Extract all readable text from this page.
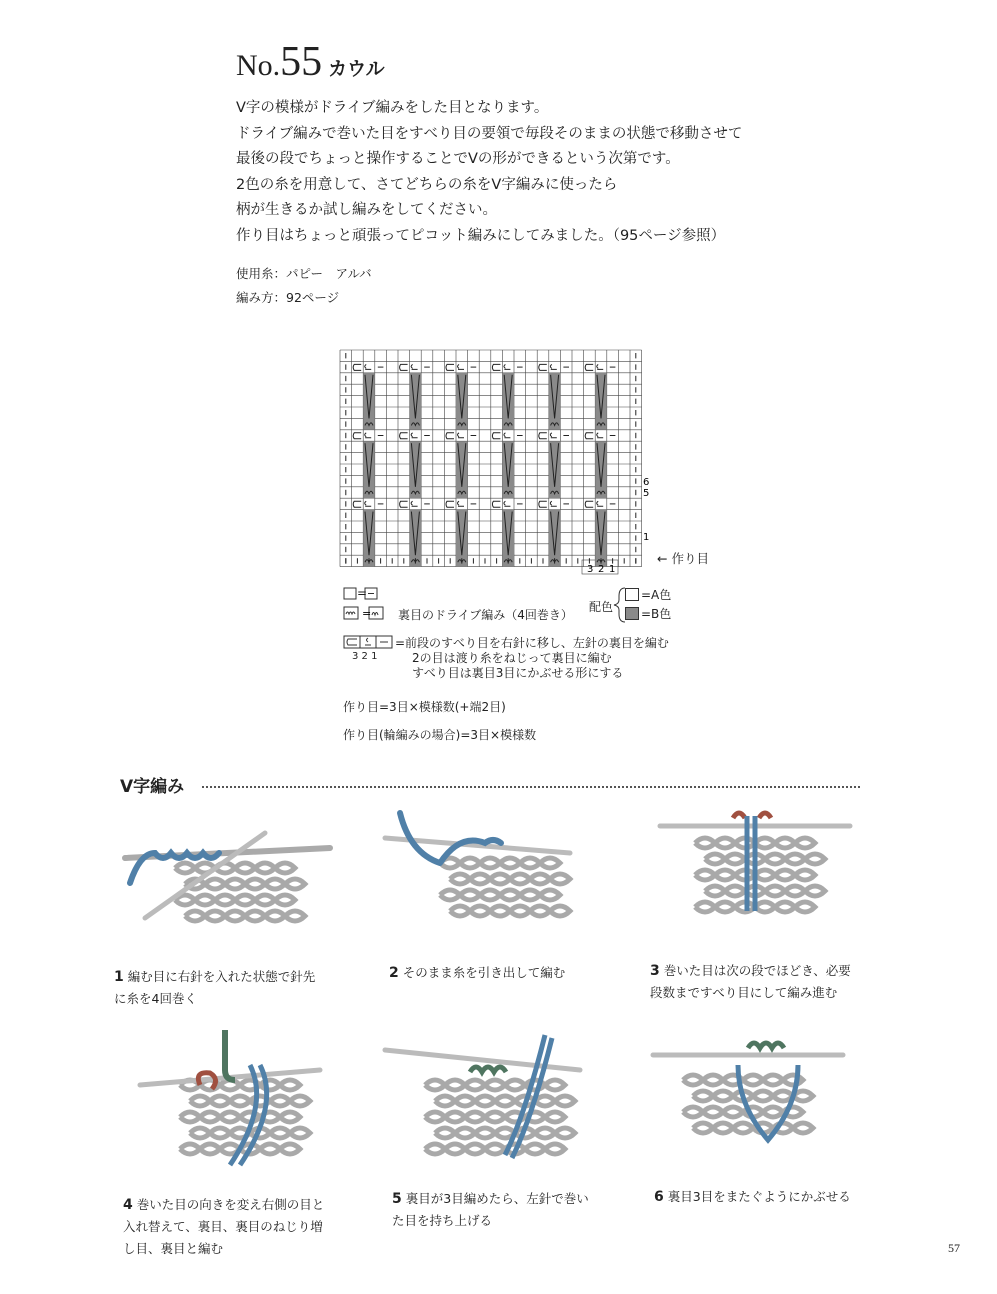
No.55 カウル
V字の模様がドライブ編みをした目となります。
ドライブ編みで巻いた目をすべり目の要領で毎段そのままの状態で移動させて
最後の段でちょっと操作することでVの形ができるという次第です。
2色の糸を用意して、さてどちらの糸をV字編みに使ったら
柄が生きるか試し編みをしてください。
作り目はちょっと頑張ってピコット編みにしてみました。（95ページ参照）
使用糸：パピー　アルバ
編み方：92ページ
6
5
1
3 2 1
← 作り目
=
= 裏目のドライブ編み（4回巻き）
配色
=A色
=B色
3 2 1
=前段のすべり目を右針に移し、左針の裏目を編む
2の目は渡り糸をねじって裏目に編む
すべり目は裏目3目にかぶせる形にする
作り目=3目×模様数(+端2目)
作り目(輪編みの場合)=3目×模様数
V字編み
1 編む目に右針を入れた状態で針先
に糸を4回巻く
2 そのまま糸を引き出して編む	3 巻いた目は次の段でほどき、必要
段数まですべり目にして編み進む
4 巻いた目の向きを変え右側の目と
入れ替えて、裏目、裏目のねじり増
し目、裏目と編む
5 裏目が3目編めたら、左針で巻い
た目を持ち上げる
6 裏目3目をまたぐようにかぶせる
57
